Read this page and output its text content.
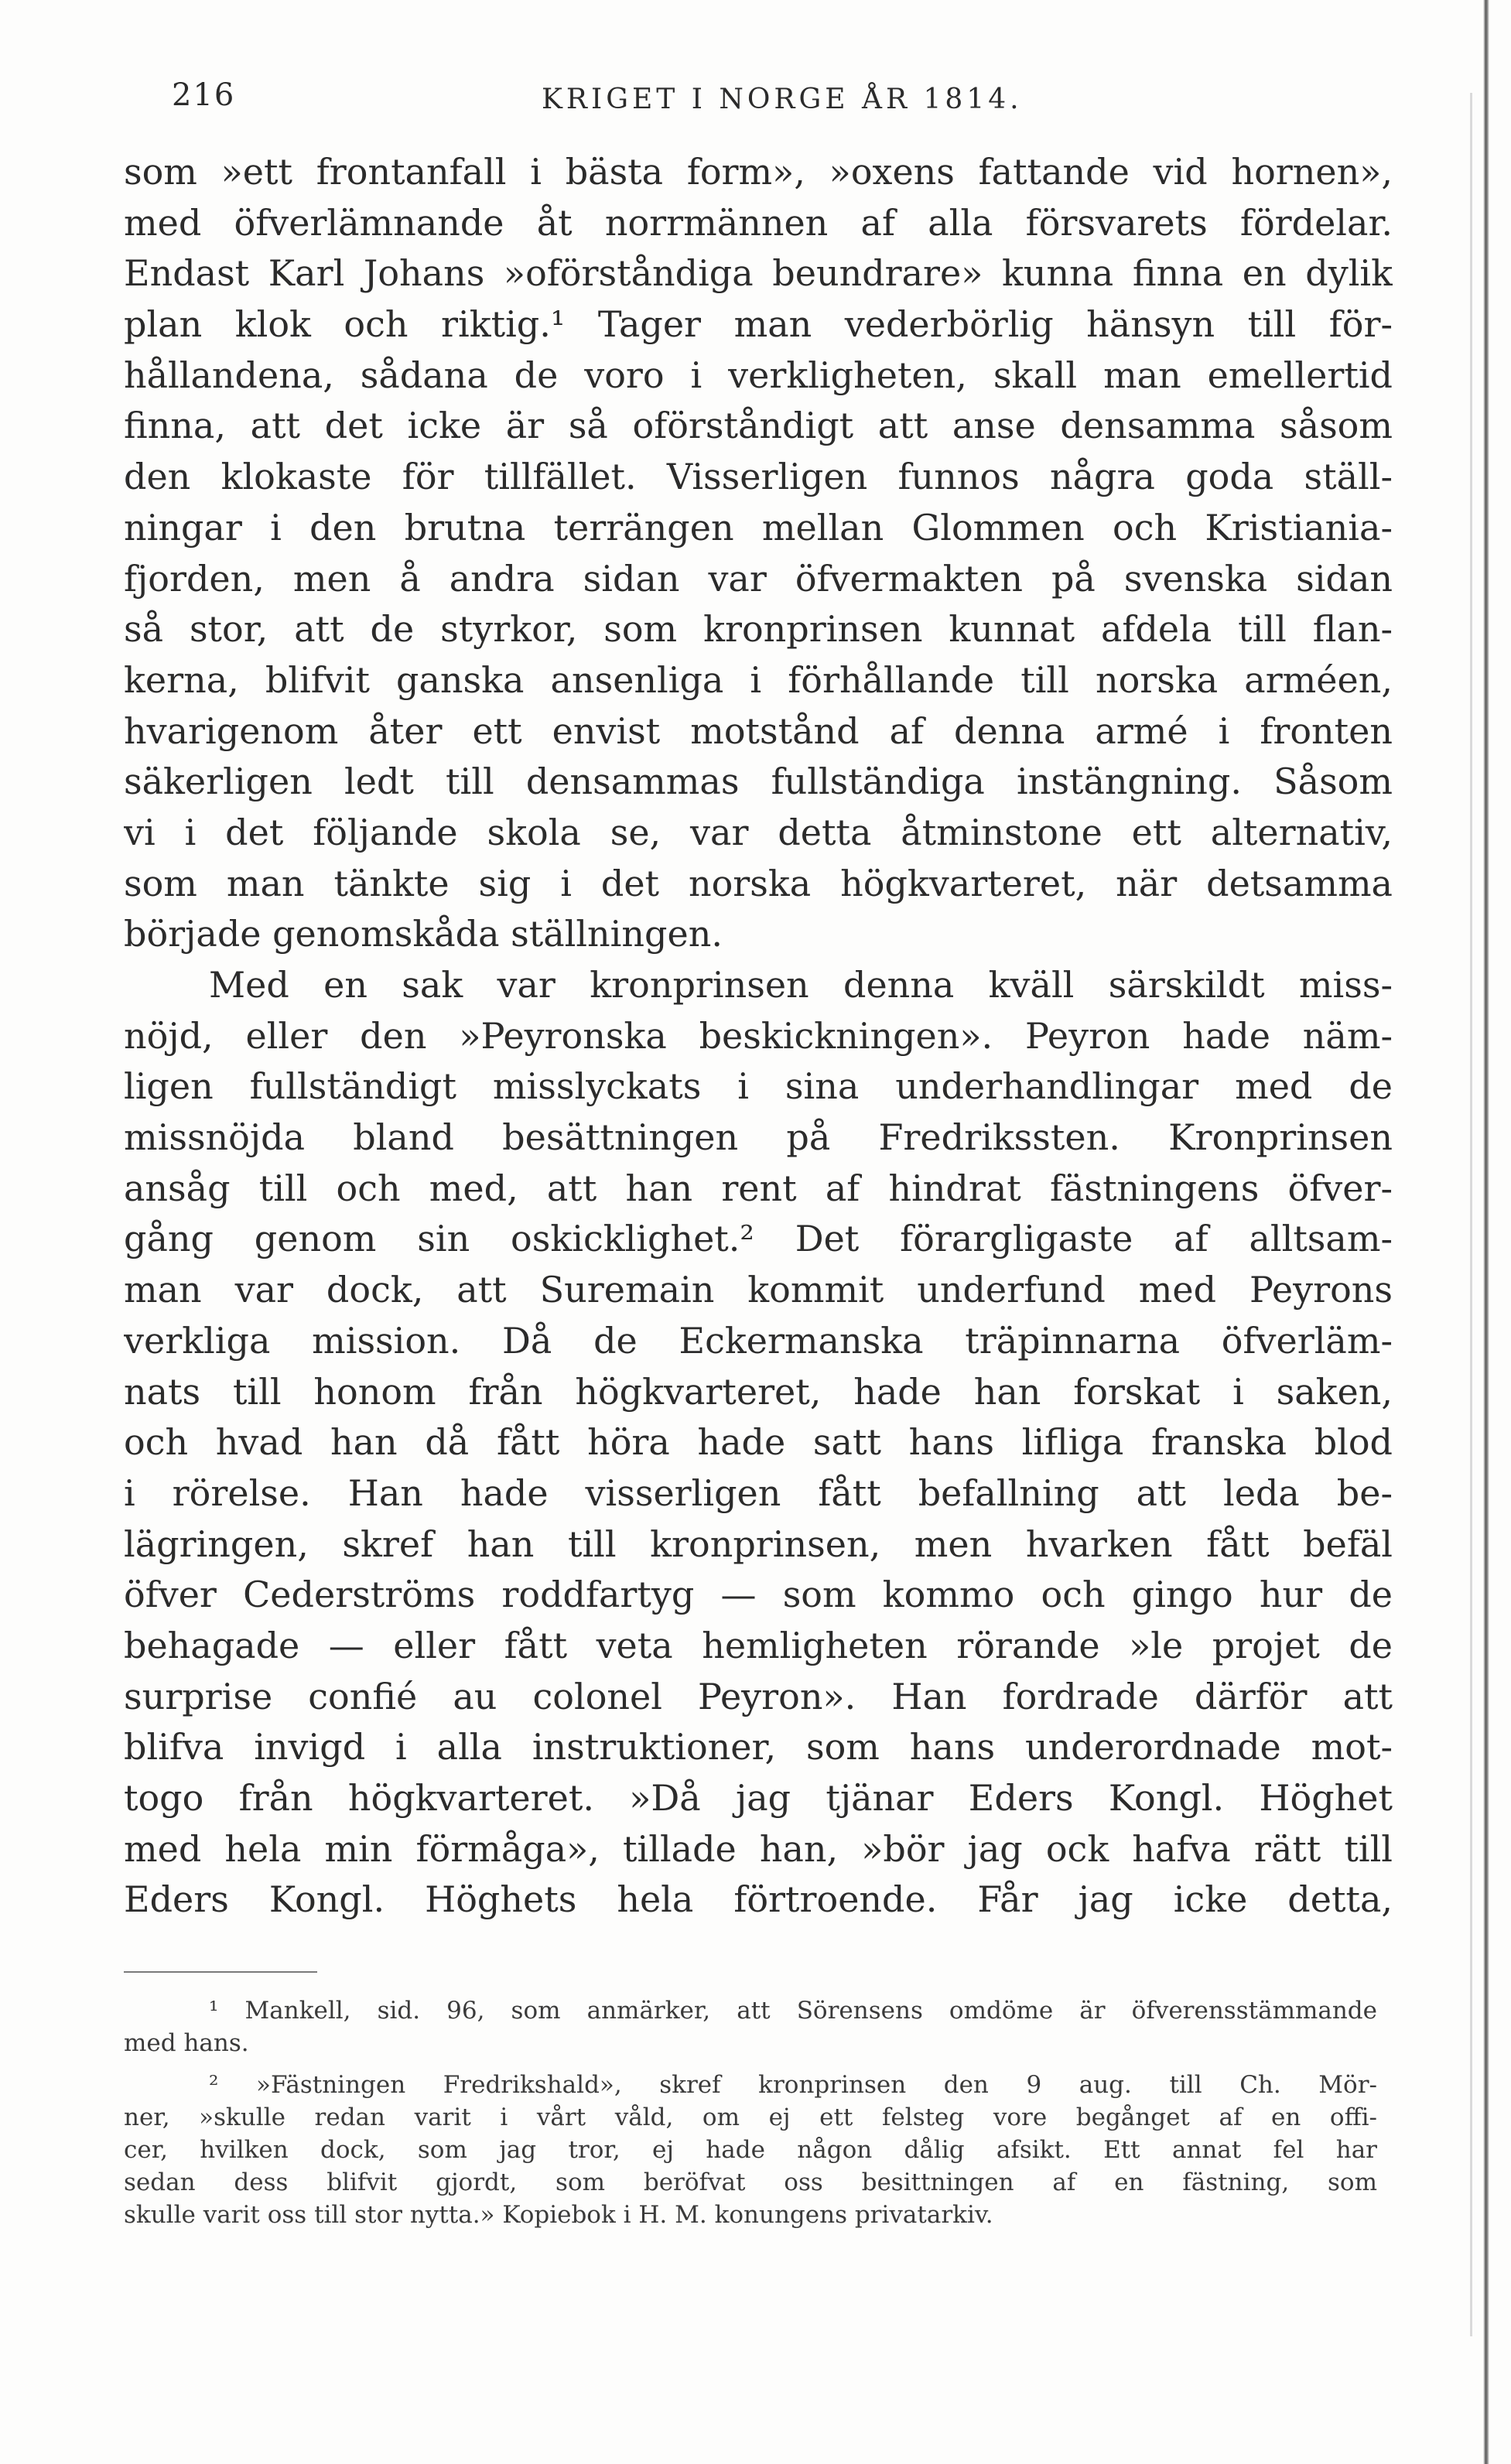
216	KRIGET I NORGE ÅR 1814.
som »ett frontanfall i bästa form», »oxens fattande vid hornen»,
med öfverlämnande åt norrmännen af alla försvarets fördelar.
Endast Karl Johans »oförståndiga beundrare» kunna finna en dylik
plan klok och riktig.¹ Tager man vederbörlig hänsyn till för-
hållandena, sådana de voro i verkligheten, skall man emellertid
finna, att det icke är så oförståndigt att anse densamma såsom
den klokaste för tillfället. Visserligen funnos några goda ställ-
ningar i den brutna terrängen mellan Glommen och Kristiania-
fjorden, men å andra sidan var öfvermakten på svenska sidan
så stor, att de styrkor, som kronprinsen kunnat afdela till flan-
kerna, blifvit ganska ansenliga i förhållande till norska arméen,
hvarigenom åter ett envist motstånd af denna armé i fronten
säkerligen ledt till densammas fullständiga instängning. Såsom
vi i det följande skola se, var detta åtminstone ett alternativ,
som man tänkte sig i det norska högkvarteret, när detsamma
började genomskåda ställningen.
Med en sak var kronprinsen denna kväll särskildt miss-
nöjd, eller den »Peyronska beskickningen». Peyron hade näm-
ligen fullständigt misslyckats i sina underhandlingar med de
missnöjda bland besättningen på Fredrikssten. Kronprinsen
ansåg till och med, att han rent af hindrat fästningens öfver-
gång genom sin oskicklighet.² Det förargligaste af alltsam-
man var dock, att Suremain kommit underfund med Peyrons
verkliga mission. Då de Eckermanska träpinnarna öfverläm-
nats till honom från högkvarteret, hade han forskat i saken,
och hvad han då fått höra hade satt hans lifliga franska blod
i rörelse. Han hade visserligen fått befallning att leda be-
lägringen, skref han till kronprinsen, men hvarken fått befäl
öfver Cederströms roddfartyg — som kommo och gingo hur de
behagade — eller fått veta hemligheten rörande »le projet de
surprise confié au colonel Peyron». Han fordrade därför att
blifva invigd i alla instruktioner, som hans underordnade mot-
togo från högkvarteret. »Då jag tjänar Eders Kongl. Höghet
med hela min förmåga», tillade han, »bör jag ock hafva rätt till
Eders Kongl. Höghets hela förtroende. Får jag icke detta,
¹ Mankell, sid. 96, som anmärker, att Sörensens omdöme är öfverensstämmande
med hans.
² »Fästningen Fredrikshald», skref kronprinsen den 9 aug. till Ch. Mör-
ner, »skulle redan varit i vårt våld, om ej ett felsteg vore begånget af en offi-
cer, hvilken dock, som jag tror, ej hade någon dålig afsikt. Ett annat fel har
sedan dess blifvit gjordt, som beröfvat oss besittningen af en fästning, som
skulle varit oss till stor nytta.» Kopiebok i H. M. konungens privatarkiv.
